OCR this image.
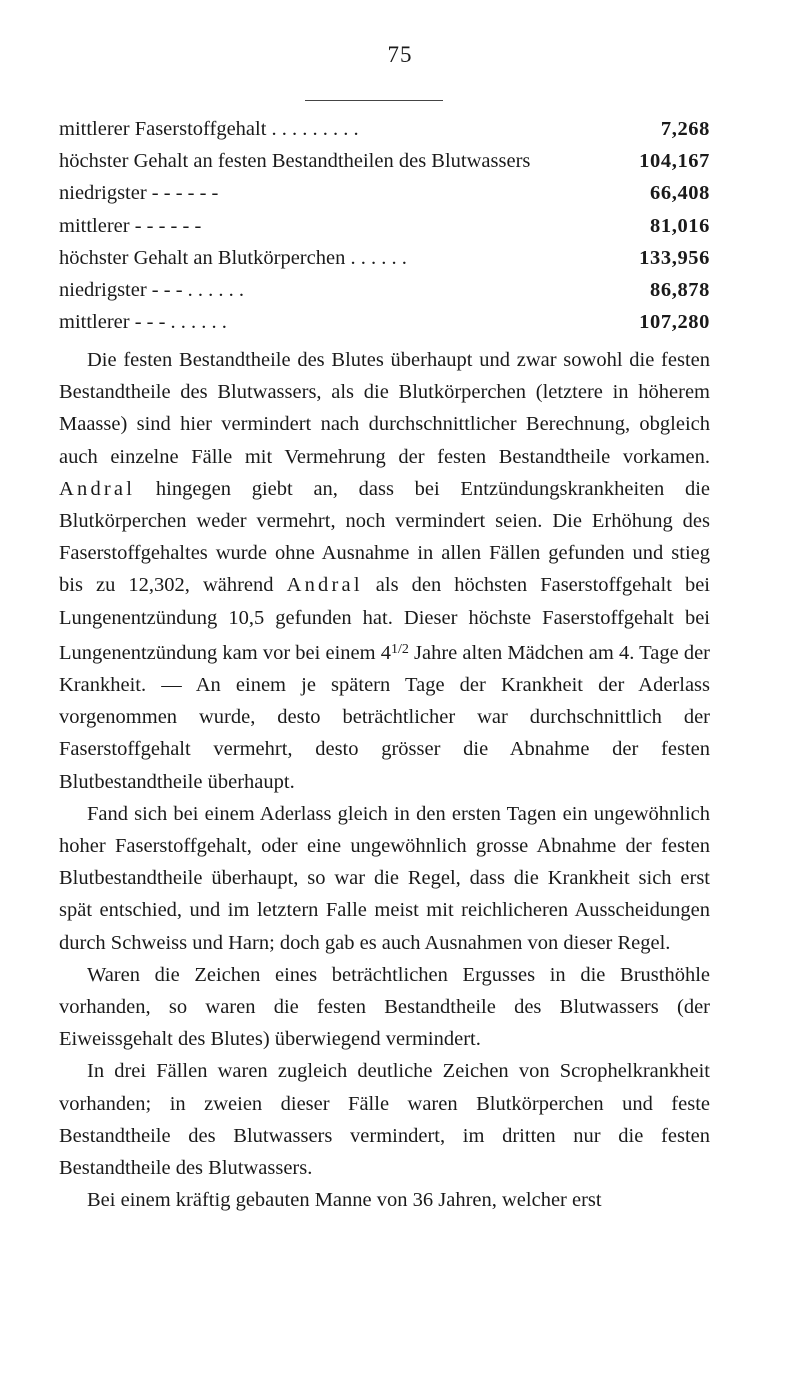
75
mittlerer Faserstoffgehalt . . . . . . . . .	7,268
höchster Gehalt an festen Bestandtheilen des Blutwassers	104,167
niedrigster - - - - - -	66,408
mittlerer - - - - - -	81,016
höchster Gehalt an Blutkörperchen . . . . . .	133,956
niedrigster - - - . . . . . .	86,878
mittlerer - - - . . . . . .	107,280

Die festen Bestandtheile des Blutes überhaupt und zwar sowohl die festen Bestandtheile des Blutwassers, als die Blutkörperchen (letztere in höherem Maasse) sind hier vermindert nach durchschnittlicher Berechnung, obgleich auch einzelne Fälle mit Vermehrung der festen Bestandtheile vorkamen. Andral hingegen giebt an, dass bei Entzündungskrankheiten die Blutkörperchen weder vermehrt, noch vermindert seien. Die Erhöhung des Faserstoffgehaltes wurde ohne Ausnahme in allen Fällen gefunden und stieg bis zu 12,302, während Andral als den höchsten Faserstoffgehalt bei Lungenentzündung 10,5 gefunden hat. Dieser höchste Faserstoffgehalt bei Lungenentzündung kam vor bei einem $4^{1/2}$ Jahre alten Mädchen am 4. Tage der Krankheit. — An einem je spätern Tage der Krankheit der Aderlass vorgenommen wurde, desto beträchtlicher war durchschnittlich der Faserstoffgehalt vermehrt, desto grösser die Abnahme der festen Blutbestandtheile überhaupt.

Fand sich bei einem Aderlass gleich in den ersten Tagen ein ungewöhnlich hoher Faserstoffgehalt, oder eine ungewöhnlich grosse Abnahme der festen Blutbestandtheile überhaupt, so war die Regel, dass die Krankheit sich erst spät entschied, und im letztern Falle meist mit reichlicheren Ausscheidungen durch Schweiss und Harn; doch gab es auch Ausnahmen von dieser Regel.

Waren die Zeichen eines beträchtlichen Ergusses in die Brusthöhle vorhanden, so waren die festen Bestandtheile des Blutwassers (der Eiweissgehalt des Blutes) überwiegend vermindert.

In drei Fällen waren zugleich deutliche Zeichen von Scrophelkrankheit vorhanden; in zweien dieser Fälle waren Blutkörperchen und feste Bestandtheile des Blutwassers vermindert, im dritten nur die festen Bestandtheile des Blutwassers.

Bei einem kräftig gebauten Manne von 36 Jahren, welcher erst
